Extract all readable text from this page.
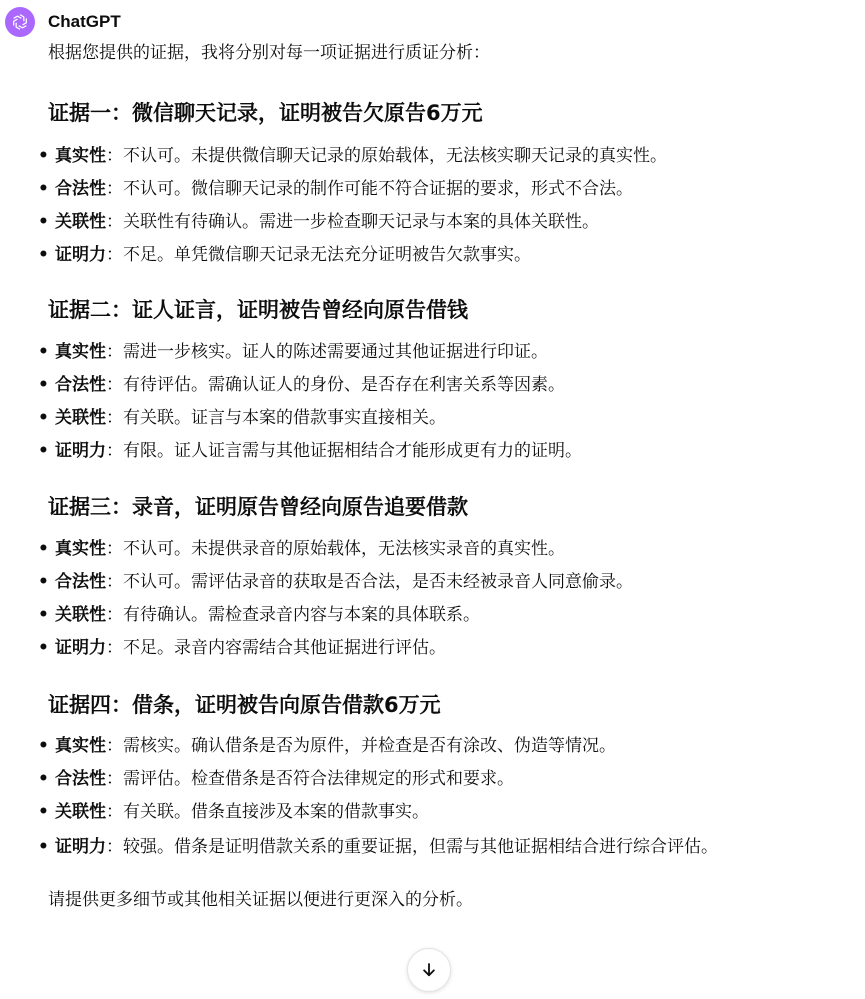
ChatGPT
根据您提供的证据，我将分别对每一项证据进行质证分析：
证据一：微信聊天记录，证明被告欠原告6万元
• 真实性：不认可。未提供微信聊天记录的原始载体，无法核实聊天记录的真实性。
• 合法性：不认可。微信聊天记录的制作可能不符合证据的要求，形式不合法。
• 关联性：关联性有待确认。需进一步检查聊天记录与本案的具体关联性。
• 证明力：不足。单凭微信聊天记录无法充分证明被告欠款事实。
证据二：证人证言，证明被告曾经向原告借钱
• 真实性：需进一步核实。证人的陈述需要通过其他证据进行印证。
• 合法性：有待评估。需确认证人的身份、是否存在利害关系等因素。
• 关联性：有关联。证言与本案的借款事实直接相关。
• 证明力：有限。证人证言需与其他证据相结合才能形成更有力的证明。
证据三：录音，证明原告曾经向原告追要借款
• 真实性：不认可。未提供录音的原始载体，无法核实录音的真实性。
• 合法性：不认可。需评估录音的获取是否合法，是否未经被录音人同意偷录。
• 关联性：有待确认。需检查录音内容与本案的具体联系。
• 证明力：不足。录音内容需结合其他证据进行评估。
证据四：借条，证明被告向原告借款6万元
• 真实性：需核实。确认借条是否为原件，并检查是否有涂改、伪造等情况。
• 合法性：需评估。检查借条是否符合法律规定的形式和要求。
• 关联性：有关联。借条直接涉及本案的借款事实。
• 证明力：较强。借条是证明借款关系的重要证据，但需与其他证据相结合进行综合评估。
请提供更多细节或其他相关证据以便进行更深入的分析。
